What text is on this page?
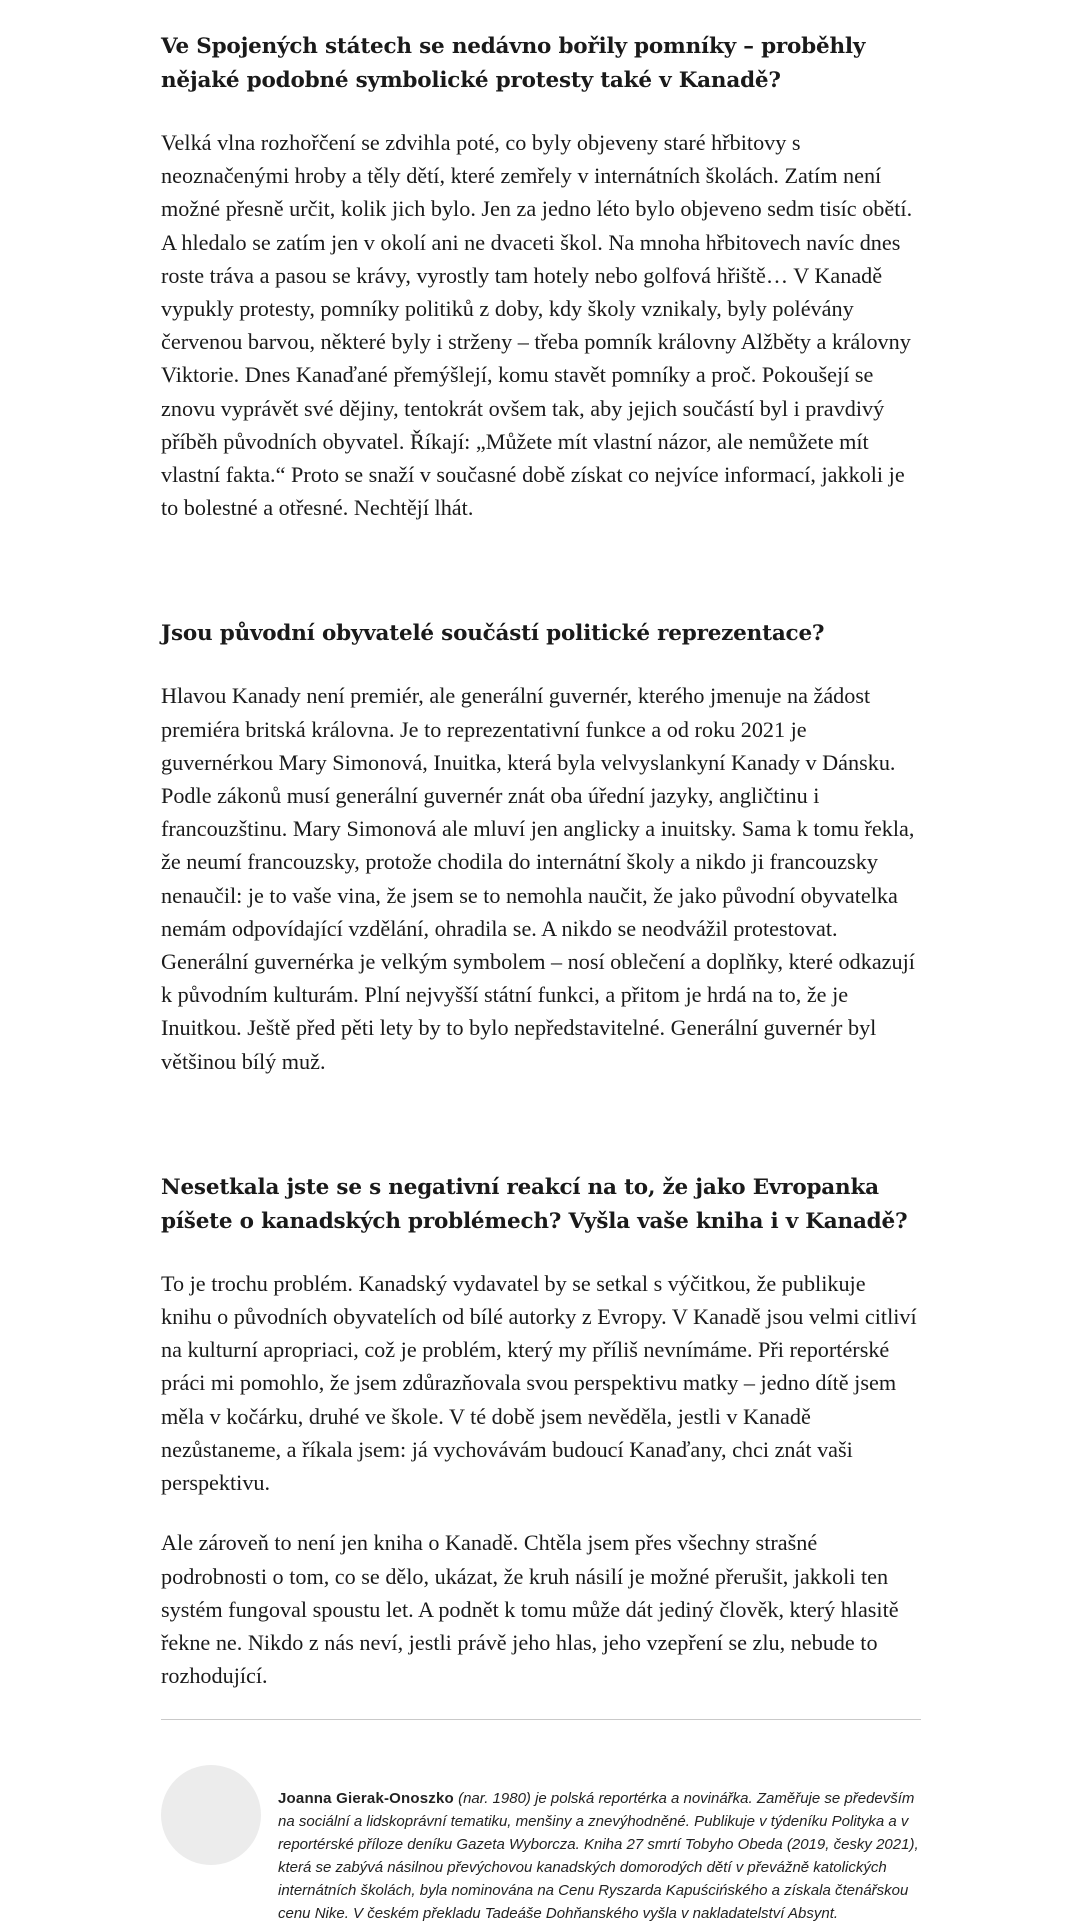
Ve Spojených státech se nedávno bořily pomníky – proběhly nějaké podobné symbolické protesty také v Kanadě?

Velká vlna rozhořčení se zdvihla poté, co byly objeveny staré hřbitovy s neoznačenými hroby a těly dětí, které zemřely v internátních školách. Zatím není možné přesně určit, kolik jich bylo. Jen za jedno léto bylo objeveno sedm tisíc obětí. A hledalo se zatím jen v okolí ani ne dvaceti škol. Na mnoha hřbitovech navíc dnes roste tráva a pasou se krávy, vyrostly tam hotely nebo golfová hřiště… V Kanadě vypukly protesty, pomníky politiků z doby, kdy školy vznikaly, byly polévány červenou barvou, některé byly i strženy – třeba pomník královny Alžběty a královny Viktorie. Dnes Kanaďané přemýšlejí, komu stavět pomníky a proč. Pokoušejí se znovu vyprávět své dějiny, tentokrát ovšem tak, aby jejich součástí byl i pravdivý příběh původních obyvatel. Říkají: „Můžete mít vlastní názor, ale nemůžete mít vlastní fakta.“ Proto se snaží v současné době získat co nejvíce informací, jakkoli je to bolestné a otřesné. Nechtějí lhát.

Jsou původní obyvatelé součástí politické reprezentace?

Hlavou Kanady není premiér, ale generální guvernér, kterého jmenuje na žádost premiéra britská královna. Je to reprezentativní funkce a od roku 2021 je guvernérkou Mary Simonová, Inuitka, která byla velvyslankyní Kanady v Dánsku. Podle zákonů musí generální guvernér znát oba úřední jazyky, angličtinu i francouzštinu. Mary Simonová ale mluví jen anglicky a inuitsky. Sama k tomu řekla, že neumí francouzsky, protože chodila do internátní školy a nikdo ji francouzsky nenaučil: je to vaše vina, že jsem se to nemohla naučit, že jako původní obyvatelka nemám odpovídající vzdělání, ohradila se. A nikdo se neodvážil protestovat. Generální guvernérka je velkým symbolem – nosí oblečení a doplňky, které odkazují k původním kulturám. Plní nejvyšší státní funkci, a přitom je hrdá na to, že je Inuitkou. Ještě před pěti lety by to bylo nepředstavitelné. Generální guvernér byl většinou bílý muž.

Nesetkala jste se s negativní reakcí na to, že jako Evropanka píšete o kanadských problémech? Vyšla vaše kniha i v Kanadě?

To je trochu problém. Kanadský vydavatel by se setkal s výčitkou, že publikuje knihu o původních obyvatelích od bílé autorky z Evropy. V Kanadě jsou velmi citliví na kulturní apropriaci, což je problém, který my příliš nevnímáme. Při reportérské práci mi pomohlo, že jsem zdůrazňovala svou perspektivu matky – jedno dítě jsem měla v kočárku, druhé ve škole. V té době jsem nevěděla, jestli v Kanadě nezůstaneme, a říkala jsem: já vychovávám budoucí Kanaďany, chci znát vaši perspektivu.

Ale zároveň to není jen kniha o Kanadě. Chtěla jsem přes všechny strašné podrobnosti o tom, co se dělo, ukázat, že kruh násilí je možné přerušit, jakkoli ten systém fungoval spoustu let. A podnět k tomu může dát jediný člověk, který hlasitě řekne ne. Nikdo z nás neví, jestli právě jeho hlas, jeho vzepření se zlu, nebude to rozhodující.

Joanna Gierak-Onoszko (nar. 1980) je polská reportérka a novinářka. Zaměřuje se především na sociální a lidskoprávní tematiku, menšiny a znevýhodněné. Publikuje v týdeníku Polityka a v reportérské příloze deníku Gazeta Wyborcza. Kniha 27 smrtí Tobyho Obeda (2019, česky 2021), která se zabývá násilnou převýchovou kanadských domorodých dětí v převážně katolických internátních školách, byla nominována na Cenu Ryszarda Kapuścińského a získala čtenářskou cenu Nike. V českém překladu Tadeáše Dohňanského vyšla v nakladatelství Absynt.
